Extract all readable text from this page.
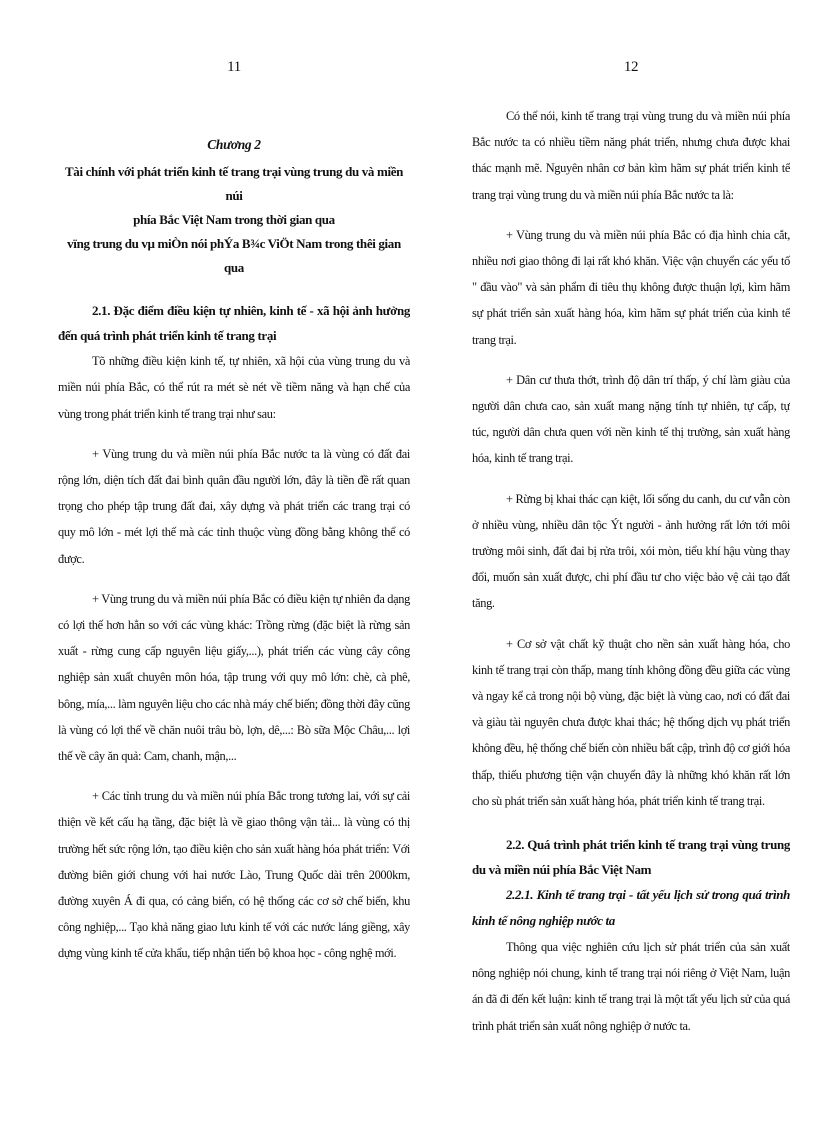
11
Chương 2
Tài chính với phát triển kinh tế trang trại vùng trung du và miền núi
phía Bắc Việt Nam trong thời gian qua
vïng trung du vµ miÒn nói phÝa B¾c ViÖt Nam trong thêi gian qua

2.1. Đặc điểm điều kiện tự nhiên, kinh tế - xã hội ảnh hưởng đến quá trình phát triển kinh tế trang trại

Tõ những điều kiện kinh tế, tự nhiên, xã hội của vùng trung du và miền núi phía Bắc, có thể rút ra mét sè nét về tiềm năng và hạn chế của vùng trong phát triển kinh tế trang trại như sau:

+ Vùng trung du và miền núi phía Bắc nước ta là vùng có đất đai rộng lớn, diện tích đất đai bình quân đầu người lớn, đây là tiền đề rất quan trọng cho phép tập trung đất đai, xây dựng và phát triển các trang trại có quy mô lớn - mét lợi thế mà các tỉnh thuộc vùng đồng bằng không thể có được.

+ Vùng trung du và miền núi phía Bắc có điều kiện tự nhiên đa dạng có lợi thế hơn hẳn so với các vùng khác: Trồng rừng (đặc biệt là rừng sản xuất - rừng cung cấp nguyên liệu giấy,...), phát triển các vùng cây công nghiệp sản xuất chuyên môn hóa, tập trung với quy mô lớn: chè, cà phê, bông, mía,... làm nguyên liệu cho các nhà máy chế biến; đồng thời đây cũng là vùng có lợi thế về chăn nuôi trâu bò, lợn, dê,...: Bò sữa Mộc Châu,... lợi thế về cây ăn quả: Cam, chanh, mận,...

+ Các tỉnh trung du và miền núi phía Bắc trong tương lai, với sự cải thiện về kết cấu hạ tầng, đặc biệt là về giao thông vận tải... là vùng có thị trường hết sức rộng lớn, tạo điều kiện cho sản xuất hàng hóa phát triển: Với đường biên giới chung với hai nước Lào, Trung Quốc dài trên 2000km, đường xuyên Á đi qua, có cảng biển, có hệ thống các cơ sở chế biến, khu công nghiệp,... Tạo khả năng giao lưu kinh tế với các nước láng giềng, xây dựng vùng kinh tế cửa khẩu, tiếp nhận tiến bộ khoa học - công nghệ mới.

12

Có thể nói, kinh tế trang trại vùng trung du và miền núi phía Bắc nước ta có nhiều tiềm năng phát triển, nhưng chưa được khai thác mạnh mẽ. Nguyên nhân cơ bản kìm hãm sự phát triển kinh tế trang trại vùng trung du và miền núi phía Bắc nước ta là:

+ Vùng trung du và miền núi phía Bắc có địa hình chia cắt, nhiều nơi giao thông đi lại rất khó khăn. Việc vận chuyển các yếu tố " đầu vào" và sản phẩm đi tiêu thụ không được thuận lợi, kìm hãm sự phát triển sản xuất hàng hóa, kìm hãm sự phát triển của kinh tế trang trại.

+ Dân cư thưa thớt, trình độ dân trí thấp, ý chí làm giàu của người dân chưa cao, sản xuất mang nặng tính tự nhiên, tự cấp, tự túc, người dân chưa quen với nền kinh tế thị trường, sản xuất hàng hóa, kinh tế trang trại.

+ Rừng bị khai thác cạn kiệt, lối sống du canh, du cư vẫn còn ở nhiều vùng, nhiều dân tộc Ýt người - ảnh hưởng rất lớn tới môi trường môi sinh, đất đai bị rửa trôi, xói mòn, tiểu khí hậu vùng thay đổi, muốn sản xuất được, chi phí đầu tư cho việc bảo vệ cải tạo đất tăng.

+ Cơ sở vật chất kỹ thuật cho nền sản xuất hàng hóa, cho kinh tế trang trại còn thấp, mang tính không đồng đều giữa các vùng và ngay kể cả trong nội bộ vùng, đặc biệt là vùng cao, nơi có đất đai và giàu tài nguyên chưa được khai thác; hệ thống dịch vụ phát triển không đều, hệ thống chế biến còn nhiều bất cập, trình độ cơ giới hóa thấp, thiếu phương tiện vận chuyển đây là những khó khăn rất lớn cho sù phát triển sản xuất hàng hóa, phát triển kinh tế trang trại.

2.2. Quá trình phát triển kinh tế trang trại vùng trung du và miền núi phía Bắc Việt Nam

2.2.1. Kinh tế trang trại - tất yếu lịch sử trong quá trình kinh tế nông nghiệp nước ta

Thông qua việc nghiên cứu lịch sử phát triển của sản xuất nông nghiệp nói chung, kinh tế trang trại nói riêng ở Việt Nam, luận án đã đi đến kết luận: kinh tế trang trại là một tất yếu lịch sử của quá trình phát triển sản xuất nông nghiệp ở nước ta.
